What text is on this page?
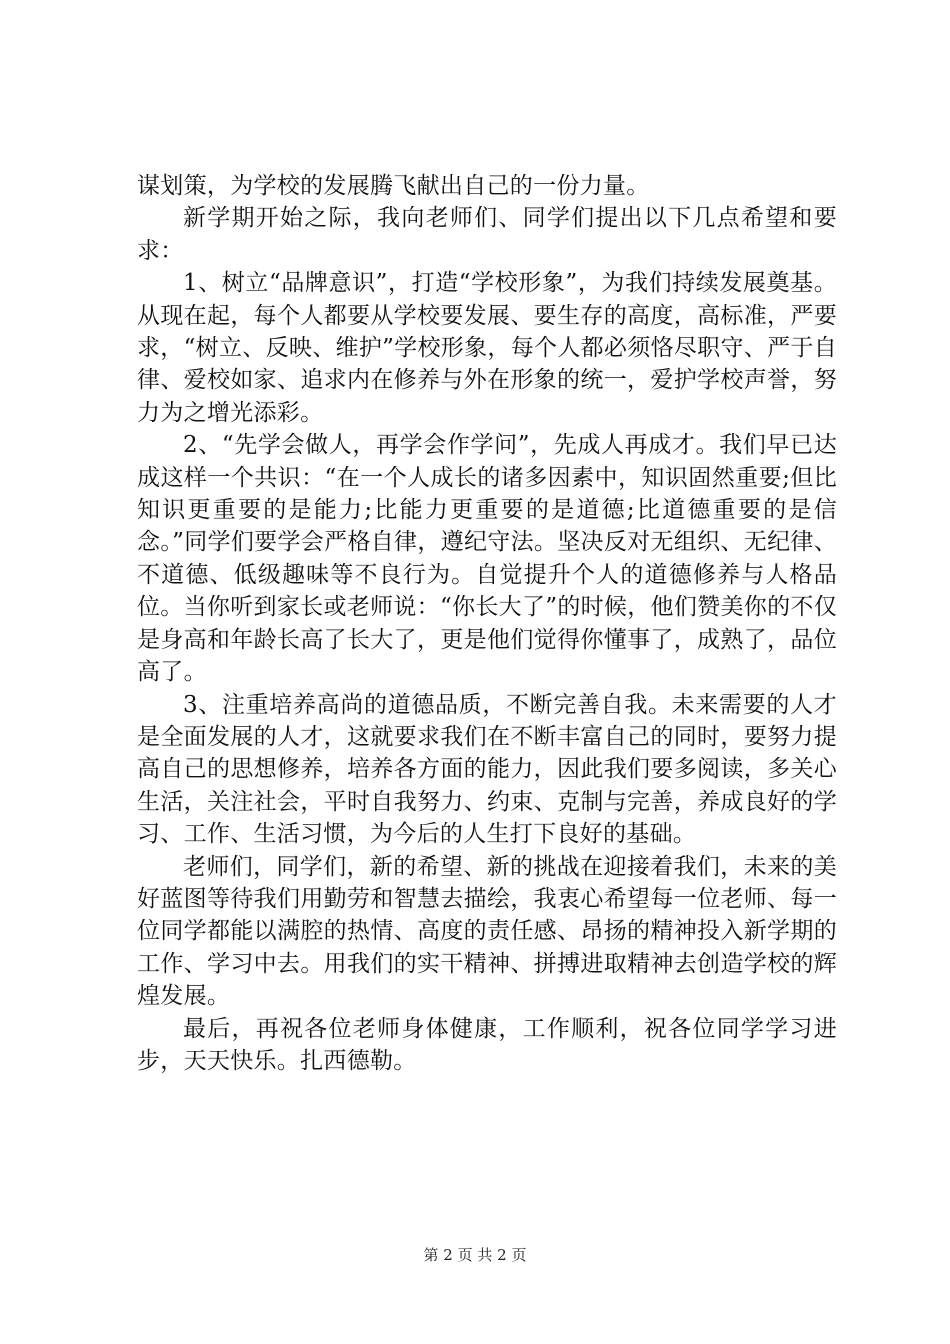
谋划策，为学校的发展腾飞献出自己的一份力量。

新学期开始之际，我向老师们、同学们提出以下几点希望和要求：

1、树立“品牌意识”，打造“学校形象”，为我们持续发展奠基。从现在起，每个人都要从学校要发展、要生存的高度，高标准，严要求，“树立、反映、维护”学校形象，每个人都必须恪尽职守、严于自律、爱校如家、追求内在修养与外在形象的统一，爱护学校声誉，努力为之增光添彩。

2、“先学会做人，再学会作学问”，先成人再成才。我们早已达成这样一个共识：“在一个人成长的诸多因素中，知识固然重要;但比知识更重要的是能力;比能力更重要的是道德;比道德重要的是信念。”同学们要学会严格自律，遵纪守法。坚决反对无组织、无纪律、不道德、低级趣味等不良行为。自觉提升个人的道德修养与人格品位。当你听到家长或老师说：“你长大了”的时候，他们赞美你的不仅是身高和年龄长高了长大了，更是他们觉得你懂事了，成熟了，品位高了。

3、注重培养高尚的道德品质，不断完善自我。未来需要的人才是全面发展的人才，这就要求我们在不断丰富自己的同时，要努力提高自己的思想修养，培养各方面的能力，因此我们要多阅读，多关心生活，关注社会，平时自我努力、约束、克制与完善，养成良好的学习、工作、生活习惯，为今后的人生打下良好的基础。

老师们，同学们，新的希望、新的挑战在迎接着我们，未来的美好蓝图等待我们用勤劳和智慧去描绘，我衷心希望每一位老师、每一位同学都能以满腔的热情、高度的责任感、昂扬的精神投入新学期的工作、学习中去。用我们的实干精神、拼搏进取精神去创造学校的辉煌发展。

最后，再祝各位老师身体健康，工作顺利，祝各位同学学习进步，天天快乐。扎西德勒。

第 2 页 共 2 页
